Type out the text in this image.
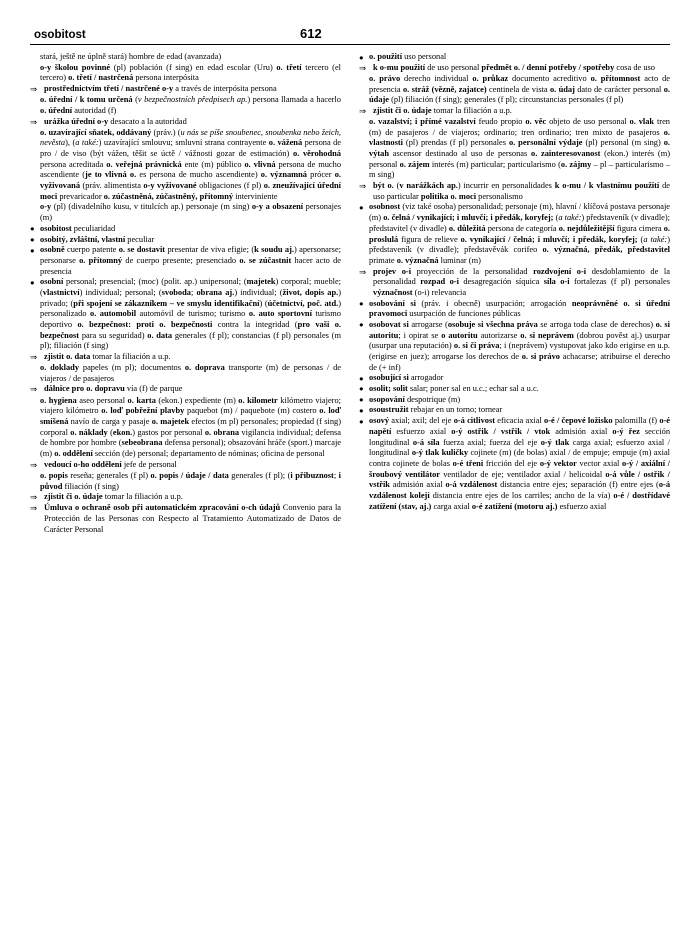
osobitost	612
stará, ještě ne úplně stará) hombre de edad (avanzada)
o-y školou povinné (pl) población (f sing) en edad escolar (Uru) o. třetí tercero (el tercero) o. třetí / nastrčená persona interpósita
⇒ prostřednictvím třetí / nastrčené o-y a través de interpósita persona
o. úřední / k tomu určená (v bezpečnostních předpisech ap.) persona llamada a hacerlo o. úřední autoridad (f)
⇒ urážka úřední o-y desacato a la autoridad
o. uzavírající sňatek, oddávaný (práv.) (u nás se píše snoubenec, snoubenka nebo žeich, nevěsta), (a také:) uzavírající smlouvu; smluvní strana contrayente o. vážená persona de pro / de viso (být vážen, těšit se úctě / vážnosti gozar de estimación) o. věrohodná persona acreditada o. veřejná právnická ente (m) público o. vlivná persona de mucho ascendiente (je to vlivná o. es persona de mucho ascendiente) o. významná prócer o. vyživovaná (práv. alimentista o-y vyživované obligaciones (f pl) o. zneužívající úřední moci prevaricador o. zúčastněná, zúčastněný, přítomný interviniente
o-y (pl) (divadelního kusu, v titulcích ap.) personaje (m sing) o-y a obsazení personajes (m)
● osobitost peculiaridad
● osobitý, zvláštní, vlastní peculiar
● osobně cuerpo patente o. se dostavit presentar de viva efigie; (k soudu aj.) apersonarse; personarse o. přítomný de cuerpo presente; presenciado o. se zúčastnit hacer acto de presencia
● osobní personal; presencial; (moc) (polit. ap.) unipersonal; (majetek) corporal; mueble; (vlastnictví) individual; personal; (svoboda; obrana aj.) individual; (život, dopis ap.) privado; (při spojení se zákazníkem – ve smyslu identifikační) (účetnictví, poč. atd.) personalizado o. automobil automóvil de turismo; turismo o. auto sportovní turismo deportivo o. bezpečnost: proti o. bezpečnosti contra la integridad (pro vaši o. bezpečnost para su seguridad) o. data generales (f pl); constancias (f pl) personales (m pl); filiación (f sing)
⇒ zjistit o. data tomar la filiación a u.p.
o. doklady papeles (m pl); documentos o. doprava transporte (m) de personas / de viajeros / de pasajeros
⇒ dálnice pro o. dopravu vía (f) de parque
o. hygiena aseo personal o. karta (ekon.) expediente (m) o. kilometr kilómetro viajero; viajero kilómetro o. loď pobřežní plavby paquebot (m) / paquebote (m) costero o. loď smíšená navío de carga y pasaje o. majetek efectos (m pl) personales; propiedad (f sing) corporal o. náklady (ekon.) gastos por personal o. obrana vigilancia individual; defensa de hombre por hombre (sebeobrana defensa personal); obsazování hráče (sport.) marcaje (m) o. oddělení sección (de) personal; departamento de nóminas; oficina de personal
⇒ vedoucí o-ho oddělení jefe de personal
o. popis reseña; generales (f pl) o. popis / údaje / data generales (f pl); (i přibuznost; i původ filiación (f sing)
⇒ zjistit či o. údaje tomar la filiación a u.p.
⇒ Úmluva o ochraně osob při automatickém zpracování o-ch údajů Convenio para la Protección de las Personas con Respecto al Tratamiento Automatizado de Datos de Carácter Personal
● o. použití uso personal
⇒ k o-mu použití de uso personal předmět o. / denní potřeby / spotřeby cosa de uso
o. právo derecho individual o. průkaz documento acreditivo o. přítomnost acto de presencia o. stráž (vězně, zajatce) centinela de vista o. údaj dato de carácter personal o. údaje (pl) filiación (f sing); generales (f pl); circunstancias personales (f pl)
⇒ zjistit či o. údaje tomar la filiación a u.p.
o. vazalství; i přímé vazalství feudo propio o. věc objeto de uso personal o. vlak tren (m) de pasajeros / de viajeros; ordinario; tren ordinario; tren mixto de pasajeros o. vlastnosti (pl) prendas (f pl) personales o. personální výdaje (pl) personal (m sing) o. výtah ascensor destinado al uso de personas o. zainteresovanost (ekon.) interés (m) personal o. zájem interés (m) particular; particularismo (o. zájmy – pl – particularismo – m sing)
⇒ být o. (v narážkách ap.) incurrir en personalidades k o-mu / k vlastnímu použití de uso particular politika o. moci personalismo
● osobnost (viz také osoba) personalidad; personaje (m), hlavní / klíčová postava personaje (m) o. čelná / vynikající; i mluvčí; i předák, koryfej; (a také:) představeník (v divadle); představitel (v divadle) o. důležitá persona de categoría o. nejdůležitější figura cimera o. proslulá figura de relieve o. vynikající / čelná; i mluvčí; i předák, koryfej; (a také:) představeník (v divadle); představěvák corifeo o. význačná, předák, představitel primate o. význačná luminar (m)
⇒ projev o-i proyección de la personalidad rozdvojení o-i desdoblamiento de la personalidad rozpad o-i desagregación síquica síla o-i fortalezas (f pl) personales význačnost (o-i) relevancia
● osobování si (práv. i obecně) usurpación; arrogación neoprávněné o. si úřední pravomoci usurpación de funciones públicas
● osobovat si arrogarse (osobuje si všechna práva se arroga toda clase de derechos) o. si autoritu; i opirat se o autoritu autorizarse o. si neprávem (dobrou pověst aj.) usurpar (usurpar una reputación) o. si či práva; i (neprávem) vystupovat jako kdo erigirse en u.p. (erigirse en juez); arrogarse los derechos de o. si právo achacarse; atribuirse el derecho de (+ inf)
● osobující si arrogador
● osolit; solit salar; poner sal en u.c.; echar sal a u.c.
● osopování despotrique (m)
● osoustružit rebajar en un torno; tornear
● osový axial; axil; del eje o-á citlivost eficacia axial o-é / čepové ložisko palomilla (f) o-é napětí esfuerzo axial o-ý ostřik / vstřik / vtok admisión axial o-ý řez sección longitudinal o-á síla fuerza axial; fuerza del eje o-ý tlak carga axial; esfuerzo axial / longitudinal o-ý tlak kuličky cojinete (m) (de bolas) axial / de empuje; empuje (m) axial contra cojinete de bolas o-é třeni fricción del eje o-ý vektor vector axial o-ý / axiální / šroubový ventilátor ventilador de eje; ventilador axial / helicoidal o-á vůle / ostřik / vstřik admisión axial o-á vzdálenost distancia entre ejes; separación (f) entre ejes (o-á vzdálenost kolejí distancia entre ejes de los carriles; ancho de la vía) o-é / dostřídavé zatížení (stav, aj.) carga axial o-é zatížení (motoru aj.) esfuerzo axial
